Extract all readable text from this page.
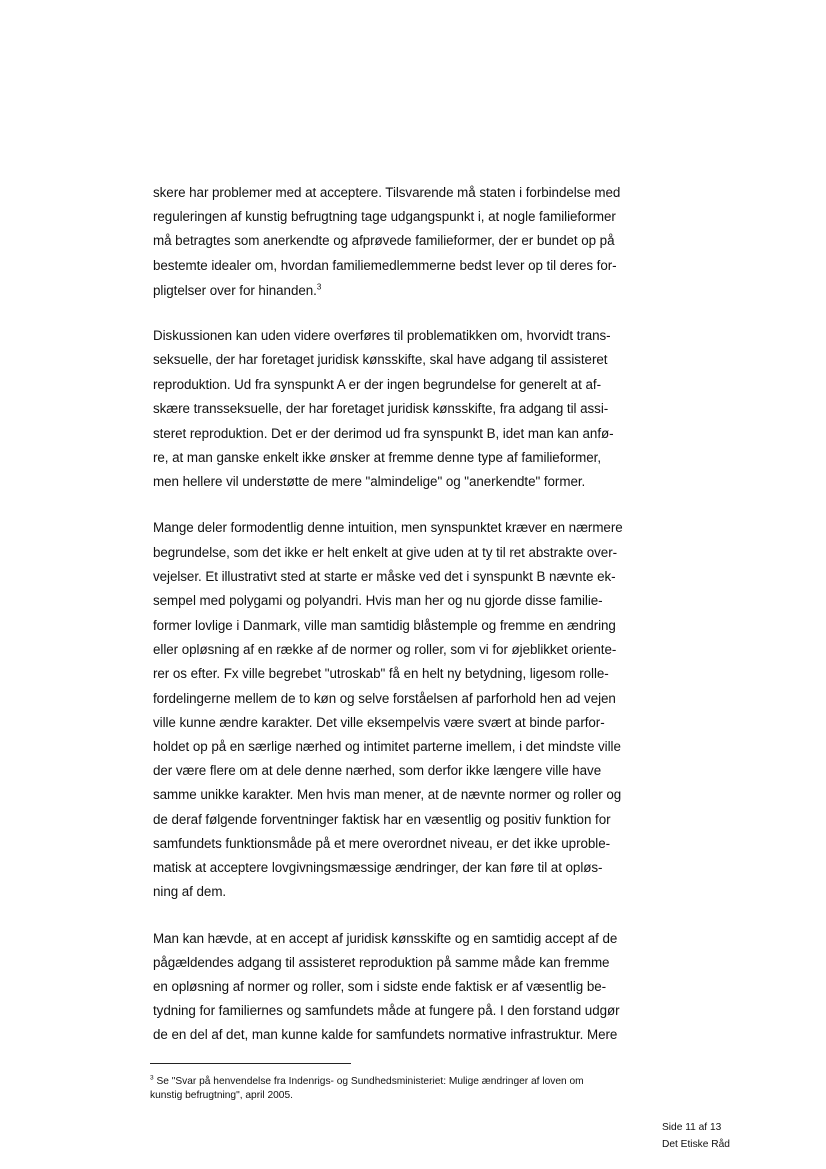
skere har problemer med at acceptere. Tilsvarende må staten i forbindelse med
reguleringen af kunstig befrugtning tage udgangspunkt i, at nogle familieformer
må betragtes som anerkendte og afprøvede familieformer, der er bundet op på
bestemte idealer om, hvordan familiemedlemmerne bedst lever op til deres for-
pligtelser over for hinanden.$^3$
Diskussionen kan uden videre overføres til problematikken om, hvorvidt trans-
seksuelle, der har foretaget juridisk kønsskifte, skal have adgang til assisteret
reproduktion. Ud fra synspunkt A er der ingen begrundelse for generelt at af-
skære transseksuelle, der har foretaget juridisk kønsskifte, fra adgang til assi-
steret reproduktion. Det er der derimod ud fra synspunkt B, idet man kan anfø-
re, at man ganske enkelt ikke ønsker at fremme denne type af familieformer,
men hellere vil understøtte de mere "almindelige" og "anerkendte" former.
Mange deler formodentlig denne intuition, men synspunktet kræver en nærmere
begrundelse, som det ikke er helt enkelt at give uden at ty til ret abstrakte over-
vejelser. Et illustrativt sted at starte er måske ved det i synspunkt B nævnte ek-
sempel med polygami og polyandri. Hvis man her og nu gjorde disse familie-
former lovlige i Danmark, ville man samtidig blåstemple og fremme en ændring
eller opløsning af en række af de normer og roller, som vi for øjeblikket oriente-
rer os efter. Fx ville begrebet "utroskab" få en helt ny betydning, ligesom rolle-
fordelingerne mellem de to køn og selve forståelsen af parforhold hen ad vejen
ville kunne ændre karakter. Det ville eksempelvis være svært at binde parfor-
holdet op på en særlige nærhed og intimitet parterne imellem, i det mindste ville
der være flere om at dele denne nærhed, som derfor ikke længere ville have
samme unikke karakter. Men hvis man mener, at de nævnte normer og roller og
de deraf følgende forventninger faktisk har en væsentlig og positiv funktion for
samfundets funktionsmåde på et mere overordnet niveau, er det ikke uproble-
matisk at acceptere lovgivningsmæssige ændringer, der kan føre til at opløs-
ning af dem.
Man kan hævde, at en accept af juridisk kønsskifte og en samtidig accept af de
pågældendes adgang til assisteret reproduktion på samme måde kan fremme
en opløsning af normer og roller, som i sidste ende faktisk er af væsentlig be-
tydning for familiernes og samfundets måde at fungere på. I den forstand udgør
de en del af det, man kunne kalde for samfundets normative infrastruktur. Mere
$^3$ Se "Svar på henvendelse fra Indenrigs- og Sundhedsministeriet: Mulige ændringer af loven om
kunstig befrugtning", april 2005.
Side 11 af 13
Det Etiske Råd
